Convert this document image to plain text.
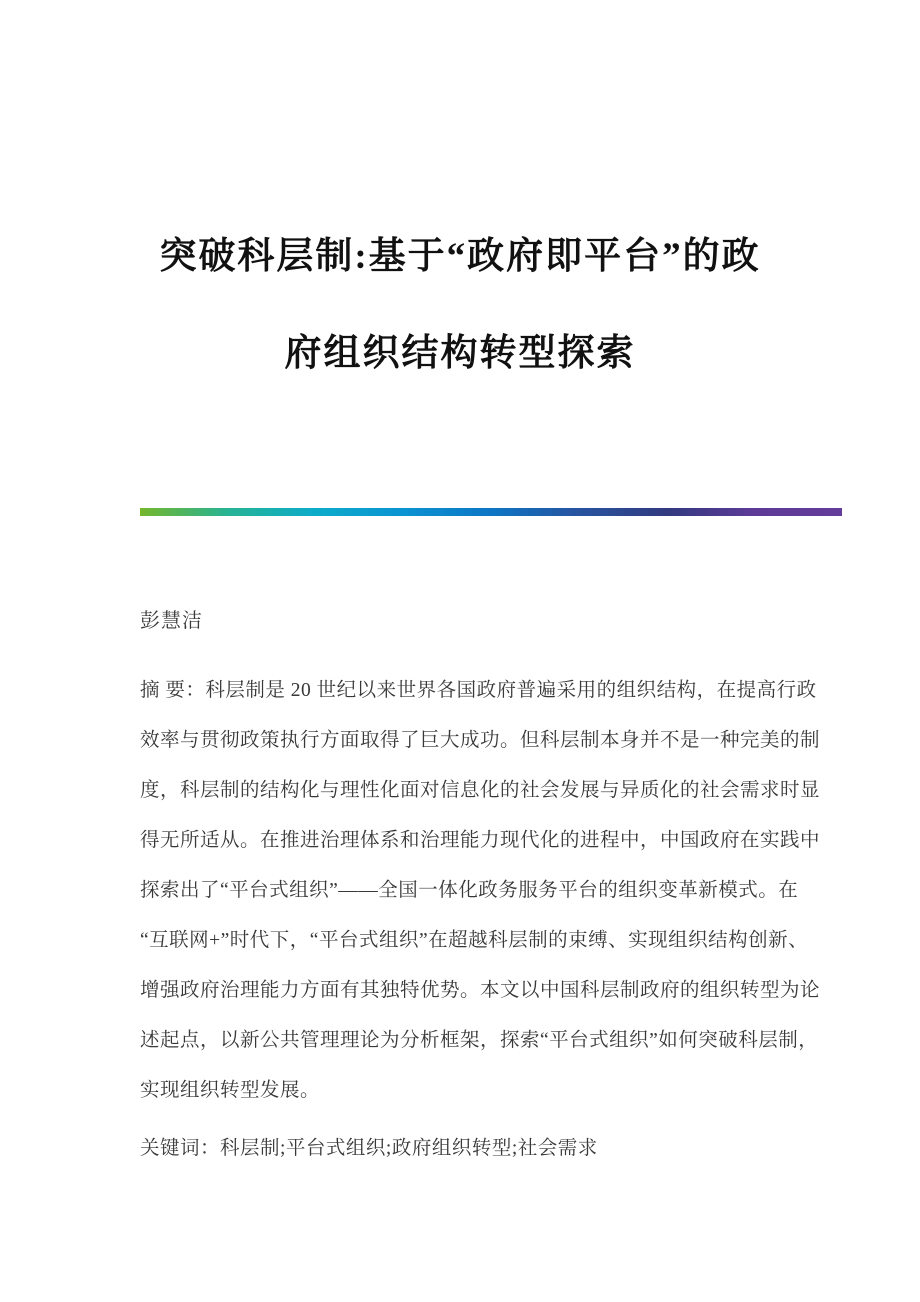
突破科层制:基于“政府即平台”的政
府组织结构转型探索
彭慧洁

摘 要：科层制是 20 世纪以来世界各国政府普遍采用的组织结构，在提高行政

效率与贯彻政策执行方面取得了巨大成功。但科层制本身并不是一种完美的制

度，科层制的结构化与理性化面对信息化的社会发展与异质化的社会需求时显

得无所适从。在推进治理体系和治理能力现代化的进程中，中国政府在实践中

探索出了“平台式组织”——全国一体化政务服务平台的组织变革新模式。在

“互联网+”时代下，“平台式组织”在超越科层制的束缚、实现组织结构创新、

增强政府治理能力方面有其独特优势。本文以中国科层制政府的组织转型为论

述起点，以新公共管理理论为分析框架，探索“平台式组织”如何突破科层制，

实现组织转型发展。

关键词：科层制;平台式组织;政府组织转型;社会需求
